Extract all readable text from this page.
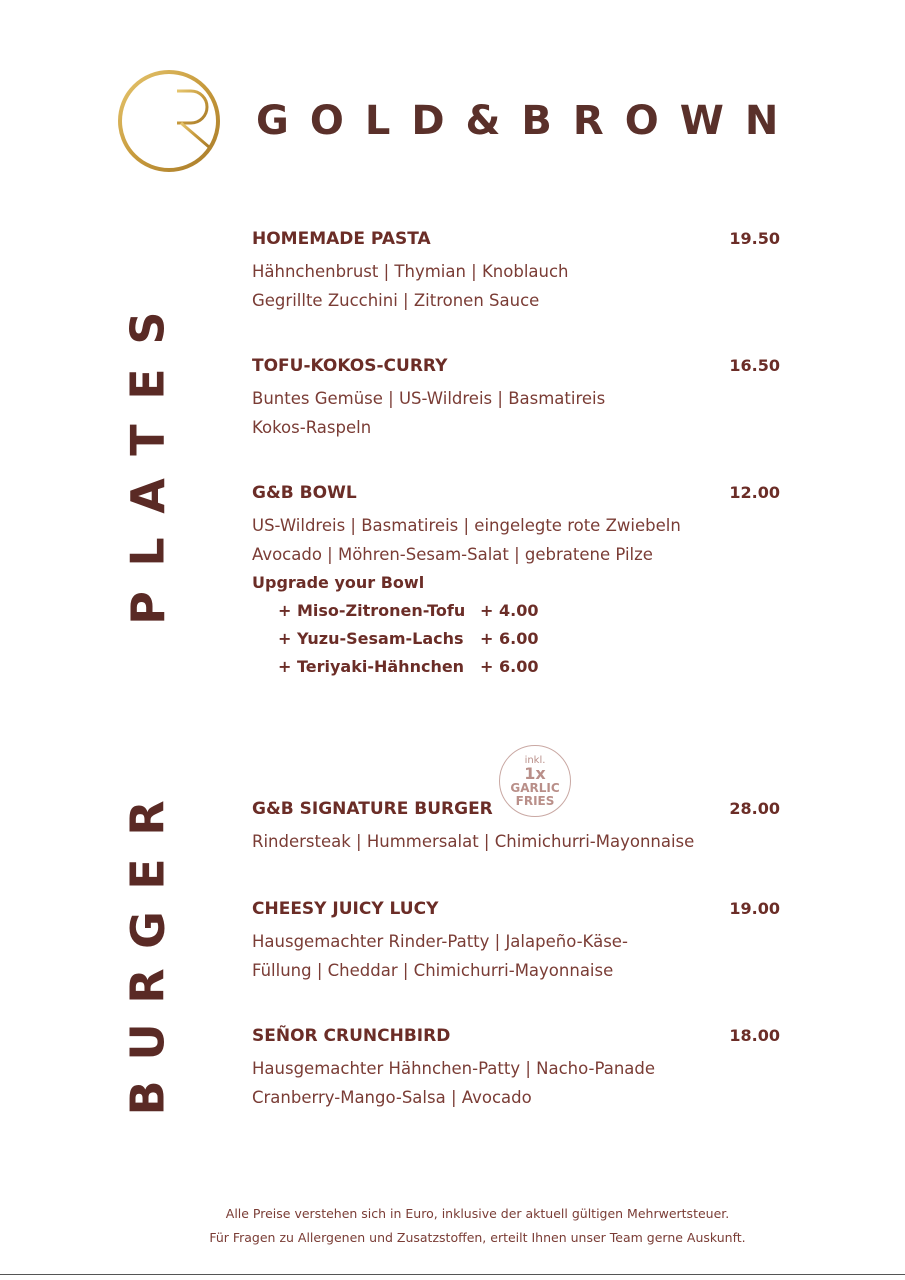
GOLD&BROWN
S
E
T
A
L
P
R
E
G
R
U
B
HOMEMADE PASTA	19.50
Hähnchenbrust | Thymian | Knoblauch
Gegrillte Zucchini | Zitronen Sauce
TOFU-KOKOS-CURRY	16.50
Buntes Gemüse | US-Wildreis | Basmatireis
Kokos-Raspeln
G&B BOWL	12.00
US-Wildreis | Basmatireis | eingelegte rote Zwiebeln
Avocado | Möhren-Sesam-Salat | gebratene Pilze
Upgrade your Bowl
+ Miso-Zitronen-Tofu + 4.00
+ Yuzu-Sesam-Lachs + 6.00
+ Teriyaki-Hähnchen + 6.00
inkl.
1x
GARLIC
FRIES
G&B SIGNATURE BURGER	28.00
Rindersteak | Hummersalat | Chimichurri-Mayonnaise
CHEESY JUICY LUCY	19.00
Hausgemachter Rinder-Patty | Jalapeño-Käse-
Füllung | Cheddar | Chimichurri-Mayonnaise
SEÑOR CRUNCHBIRD	18.00
Hausgemachter Hähnchen-Patty | Nacho-Panade
Cranberry-Mango-Salsa | Avocado
Alle Preise verstehen sich in Euro, inklusive der aktuell gültigen Mehrwertsteuer.
Für Fragen zu Allergenen und Zusatzstoffen, erteilt Ihnen unser Team gerne Auskunft.
